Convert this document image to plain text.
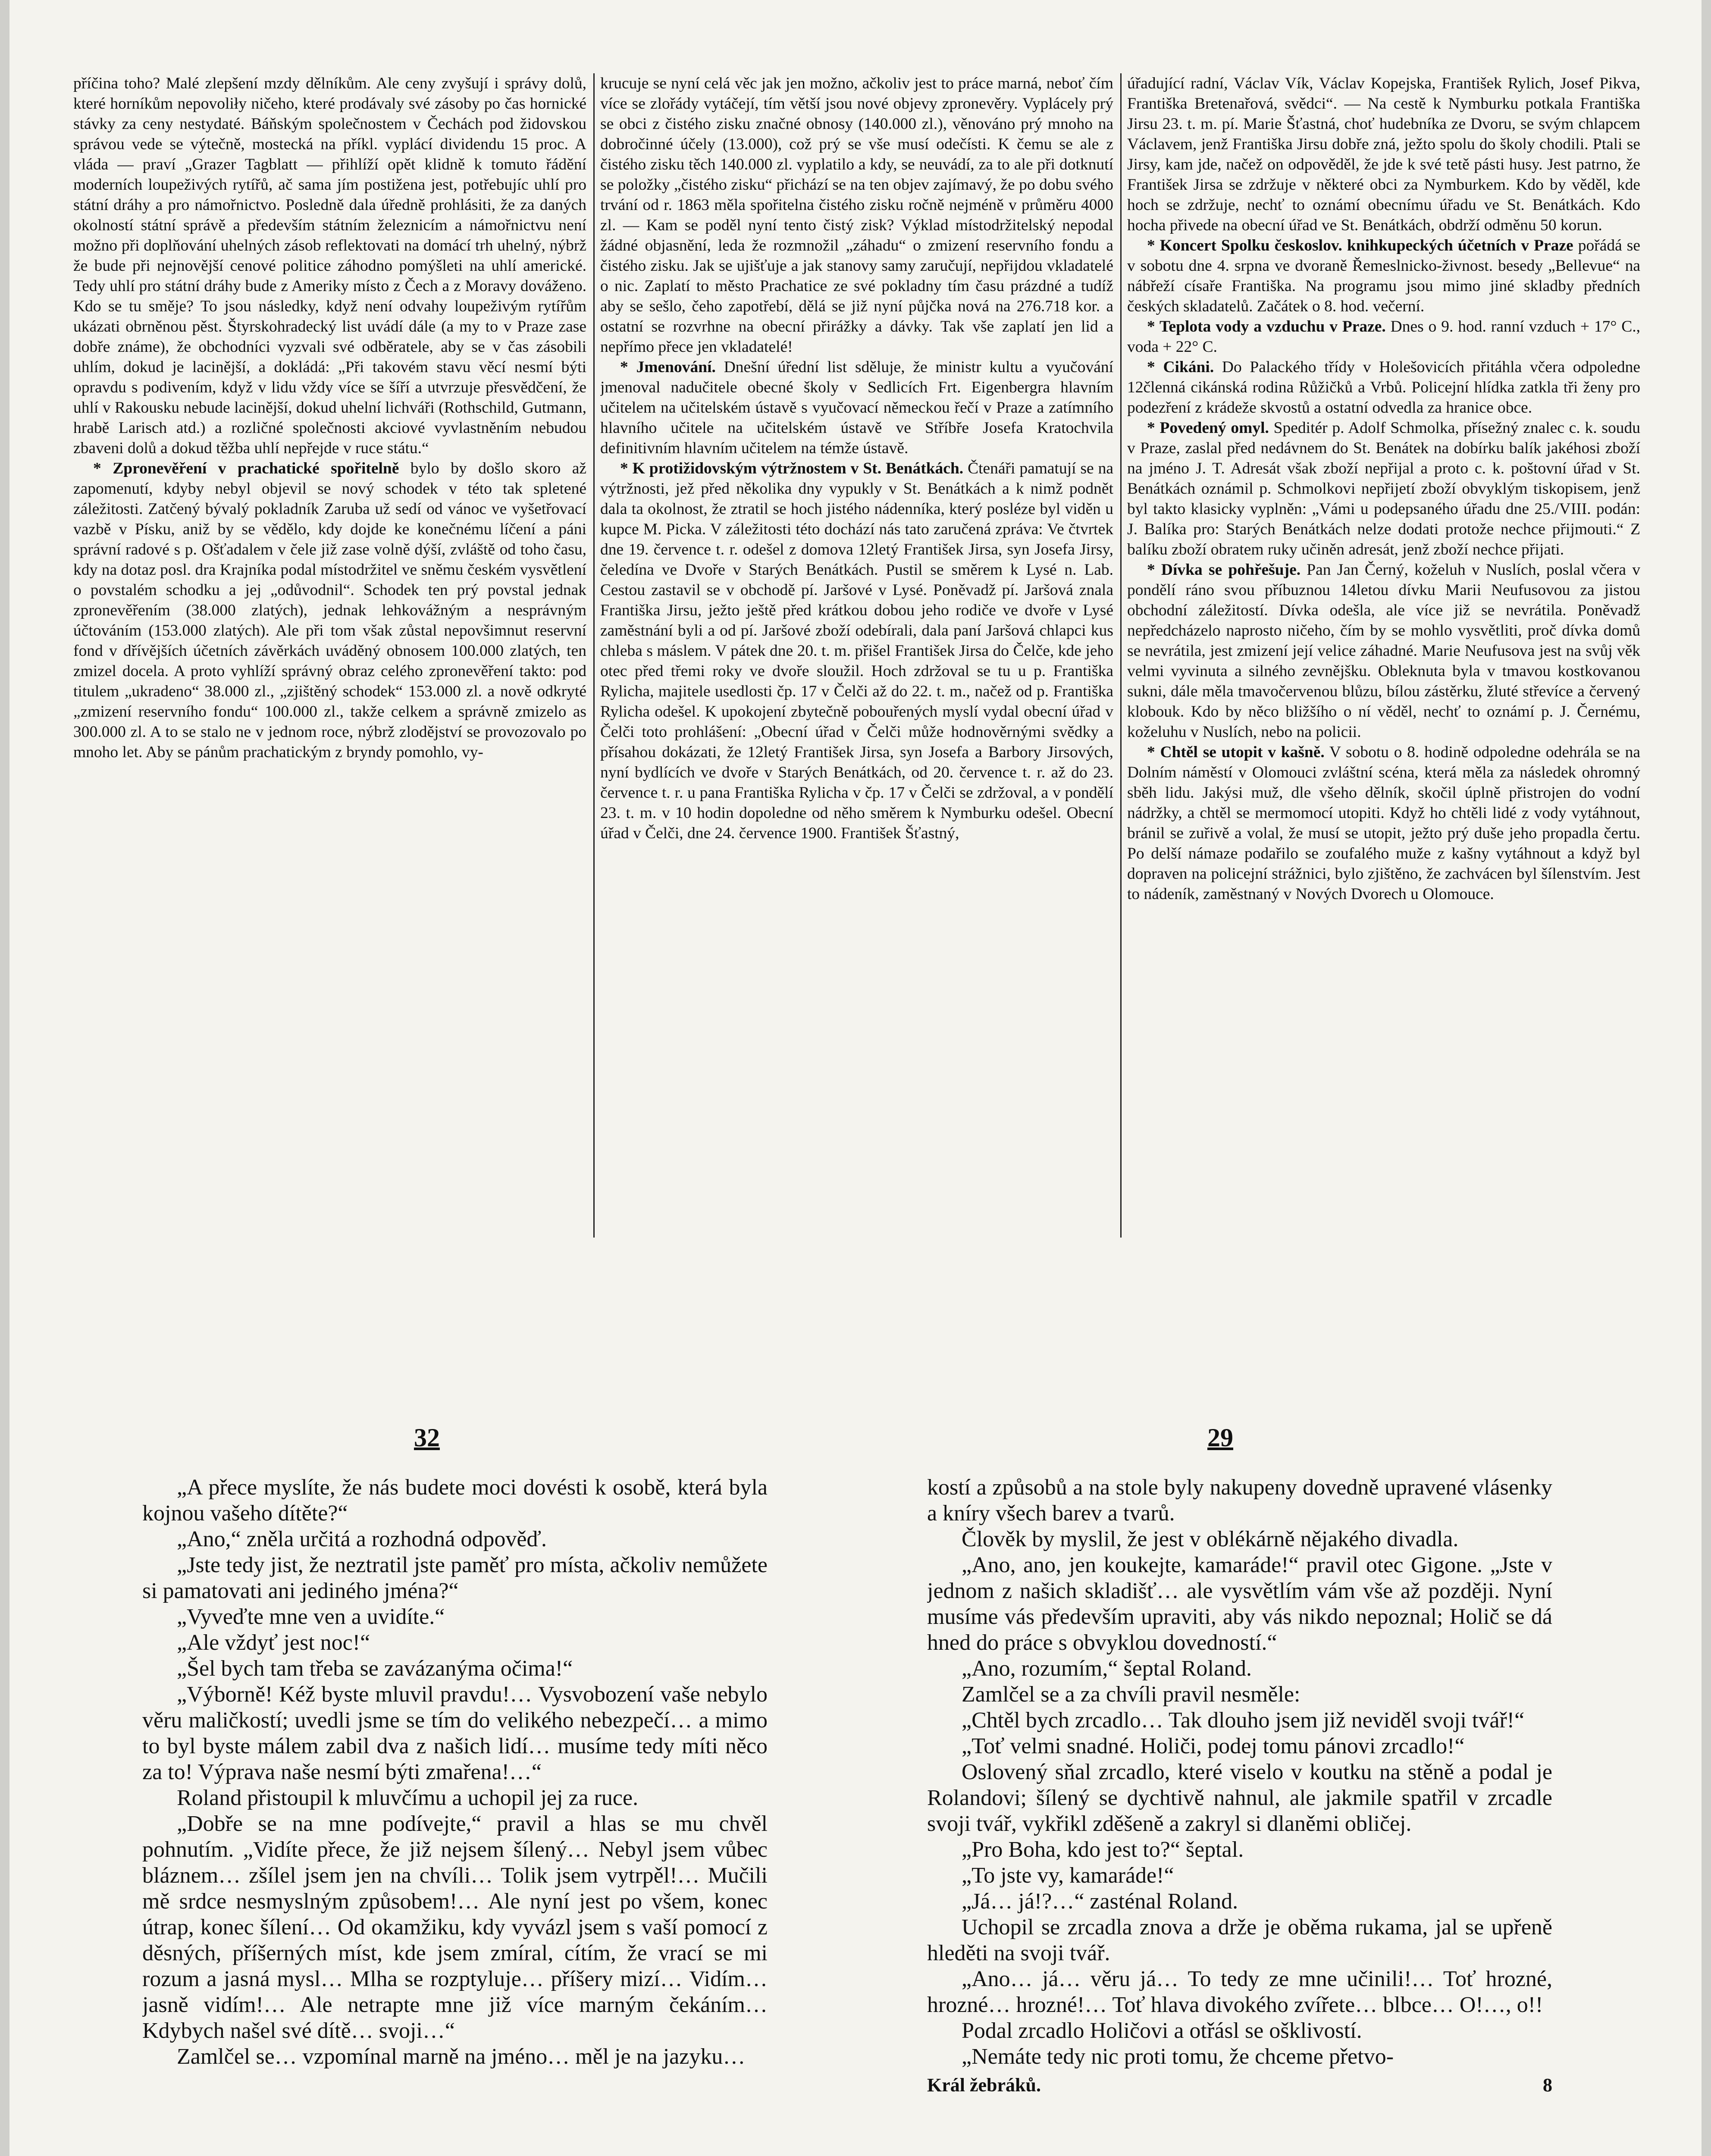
příčina toho? Malé zlepšení mzdy dělníkům. Ale ceny zvyšují i správy dolů, které horníkům nepovoliły ničeho, které prodávaly své zásoby po čas hornické stávky za ceny nestydaté. Báňským společnostem v Čechách pod židovskou správou vede se výtečně, mostecká na příkl. vyplácí dividendu 15 proc. A vláda — praví „Grazer Tagblatt — přihlíží opět klidně k tomuto řádění moderních loupeživých rytířů, ač sama jím postižena jest, potřebujíc uhlí pro státní dráhy a pro námořnictvo. Posledně dala úředně prohlásiti, že za daných okolností státní správě a především státním železnicím a námořnictvu není možno při doplňování uhelných zásob reflektovati na domácí trh uhelný, nýbrž že bude při nejnovější cenové politice záhodno pomýšleti na uhlí americké. Tedy uhlí pro státní dráhy bude z Ameriky místo z Čech a z Moravy dováženo. Kdo se tu směje? To jsou následky, když není odvahy loupeživým rytířům ukázati obrněnou pěst. Štyrskohradecký list uvádí dále (a my to v Praze zase dobře známe), že obchodníci vyzvali své odběratele, aby se v čas zásobili uhlím, dokud je lacinější, a dokládá: „Při takovém stavu věcí nesmí býti opravdu s podivením, když v lidu vždy více se šíří a utvrzuje přesvědčení, že uhlí v Rakousku nebude lacinější, dokud uhelní lichváři (Rothschild, Gutmann, hrabě Larisch atd.) a rozličné společnosti akciové vyvlastněním nebudou zbaveni dolů a dokud těžba uhlí nepřejde v ruce státu.“

* Zpronevěření v prachatické spořitelně bylo by došlo skoro až zapomenutí, kdyby nebyl objevil se nový schodek v této tak spletené záležitosti. Zatčený bývalý pokladník Zaruba už sedí od vánoc ve vyšetřovací vazbě v Písku, aniž by se vědělo, kdy dojde ke konečnému líčení a páni správní radové s p. Ošťadalem v čele již zase volně dýší, zvláště od toho času, kdy na dotaz posl. dra Krajníka podal místodržitel ve sněmu českém vysvětlení o povstalém schodku a jej „odůvodnil“. Schodek ten prý povstal jednak zpronevěřením (38.000 zlatých), jednak lehkovážným a nesprávným účtováním (153.000 zlatých). Ale při tom však zůstal nepovšimnut reservní fond v dřívějších účetních závěrkách uváděný obnosem 100.000 zlatých, ten zmizel docela. A proto vyhlíží správný obraz celého zpronevěření takto: pod titulem „ukradeno“ 38.000 zl., „zjištěný schodek“ 153.000 zl. a nově odkryté „zmizení reservního fondu“ 100.000 zl., takže celkem a správně zmizelo as 300.000 zl. A to se stalo ne v jednom roce, nýbrž zlodějství se provozovalo po mnoho let. Aby se pánům prachatickým z bryndy pomohlo, vy-

krucuje se nyní celá věc jak jen možno, ačkoliv jest to práce marná, neboť čím více se zlořády vytáčejí, tím větší jsou nové objevy zpronevěry. Vyplácely prý se obci z čistého zisku značné obnosy (140.000 zl.), věnováno prý mnoho na dobročinné účely (13.000), což prý se vše musí odečísti. K čemu se ale z čistého zisku těch 140.000 zl. vyplatilo a kdy, se neuvádí, za to ale při dotknutí se položky „čistého zisku“ přichází se na ten objev zajímavý, že po dobu svého trvání od r. 1863 měla spořitelna čistého zisku ročně nejméně v průměru 4000 zl. — Kam se poděl nyní tento čistý zisk? Výklad místodržitelský nepodal žádné objasnění, leda že rozmnožil „záhadu“ o zmizení reservního fondu a čistého zisku. Jak se ujišťuje a jak stanovy samy zaručují, nepřijdou vkladatelé o nic. Zaplatí to město Prachatice ze své pokladny tím času prázdné a tudíž aby se sešlo, čeho zapotřebí, dělá se již nyní půjčka nová na 276.718 kor. a ostatní se rozvrhne na obecní přirážky a dávky. Tak vše zaplatí jen lid a nepřímo přece jen vkladatelé!

* Jmenování. Dnešní úřední list sděluje, že ministr kultu a vyučování jmenoval nadučitele obecné školy v Sedlicích Frt. Eigenbergra hlavním učitelem na učitelském ústavě s vyučovací německou řečí v Praze a zatímního hlavního učitele na učitelském ústavě ve Stříbře Josefa Kratochvila definitivním hlavním učitelem na témže ústavě.

* K protižidovským výtržnostem v St. Benátkách. Čtenáři pamatují se na výtržnosti, jež před několika dny vypukly v St. Benátkách a k nimž podnět dala ta okolnost, že ztratil se hoch jistého nádenníka, který posléze byl viděn u kupce M. Picka. V záležitosti této dochází nás tato zaručená zpráva: Ve čtvrtek dne 19. července t. r. odešel z domova 12letý František Jirsa, syn Josefa Jirsy, čeledína ve Dvoře v Starých Benátkách. Pustil se směrem k Lysé n. Lab. Cestou zastavil se v obchodě pí. Jaršové v Lysé. Poněvadž pí. Jaršová znala Františka Jirsu, ježto ještě před krátkou dobou jeho rodiče ve dvoře v Lysé zaměstnání byli a od pí. Jaršové zboží odebírali, dala paní Jaršová chlapci kus chleba s máslem. V pátek dne 20. t. m. přišel František Jirsa do Čelče, kde jeho otec před třemi roky ve dvoře sloužil. Hoch zdržoval se tu u p. Františka Rylicha, majitele usedlosti čp. 17 v Čelči až do 22. t. m., načež od p. Františka Rylicha odešel. K upokojení zbytečně pobouřených myslí vydal obecní úřad v Čelči toto prohlášení: „Obecní úřad v Čelči může hodnověrnými svědky a přísahou dokázati, že 12letý František Jirsa, syn Josefa a Barbory Jirsových, nyní bydlících ve dvoře v Starých Benátkách, od 20. července t. r. až do 23. července t. r. u pana Františka Rylicha v čp. 17 v Čelči se zdržoval, a v pondělí 23. t. m. v 10 hodin dopoledne od něho směrem k Nymburku odešel. Obecní úřad v Čelči, dne 24. července 1900. František Šťastný,

úřadující radní, Václav Vík, Václav Kopejska, František Rylich, Josef Pikva, Františka Bretenařová, svědci“. — Na cestě k Nymburku potkala Františka Jirsu 23. t. m. pí. Marie Šťastná, choť hudebníka ze Dvoru, se svým chlapcem Václavem, jenž Františka Jirsu dobře zná, ježto spolu do školy chodili. Ptali se Jirsy, kam jde, načež on odpověděl, že jde k své tetě pásti husy. Jest patrno, že František Jirsa se zdržuje v některé obci za Nymburkem. Kdo by věděl, kde hoch se zdržuje, nechť to oznámí obecnímu úřadu ve St. Benátkách. Kdo hocha přivede na obecní úřad ve St. Benátkách, obdrží odměnu 50 korun.

* Koncert Spolku českoslov. knihkupeckých účetních v Praze pořádá se v sobotu dne 4. srpna ve dvoraně Řemeslnicko-živnost. besedy „Bellevue“ na nábřeží císaře Františka. Na programu jsou mimo jiné skladby předních českých skladatelů. Začátek o 8. hod. večerní.

* Teplota vody a vzduchu v Praze. Dnes o 9. hod. ranní vzduch + 17° C., voda + 22° C.

* Cikáni. Do Palackého třídy v Holešovicích přitáhla včera odpoledne 12členná cikánská rodina Růžičků a Vrbů. Policejní hlídka zatkla tři ženy pro podezření z krádeže skvostů a ostatní odvedla za hranice obce.

* Povedený omyl. Speditér p. Adolf Schmolka, přísežný znalec c. k. soudu v Praze, zaslal před nedávnem do St. Benátek na dobírku balík jakéhosi zboží na jméno J. T. Adresát však zboží nepřijal a proto c. k. poštovní úřad v St. Benátkách oznámil p. Schmolkovi nepřijetí zboží obvyklým tiskopisem, jenž byl takto klasicky vyplněn: „Vámi u podepsaného úřadu dne 25./VIII. podán: J. Balíka pro: Starých Benátkách nelze dodati protože nechce přijmouti.“ Z balíku zboží obratem ruky učiněn adresát, jenž zboží nechce přijati.

* Dívka se pohřešuje. Pan Jan Černý, koželuh v Nuslích, poslal včera v pondělí ráno svou příbuznou 14letou dívku Marii Neufusovou za jistou obchodní záležitostí. Dívka odešla, ale více již se nevrátila. Poněvadž nepředcházelo naprosto ničeho, čím by se mohlo vysvětliti, proč dívka domů se nevrátila, jest zmizení její velice záhadné. Marie Neufusova jest na svůj věk velmi vyvinuta a silného zevnějšku. Obleknuta byla v tmavou kostkovanou sukni, dále měla tmavočervenou blůzu, bílou zástěrku, žluté střevíce a červený klobouk. Kdo by něco bližšího o ní věděl, nechť to oznámí p. J. Černému, koželuhu v Nuslích, nebo na policii.

* Chtěl se utopit v kašně. V sobotu o 8. hodině odpoledne odehrála se na Dolním náměstí v Olomouci zvláštní scéna, která měla za následek ohromný sběh lidu. Jakýsi muž, dle všeho dělník, skočil úplně přistrojen do vodní nádržky, a chtěl se mermomocí utopiti. Když ho chtěli lidé z vody vytáhnout, bránil se zuřivě a volal, že musí se utopit, ježto prý duše jeho propadla čertu. Po delší námaze podařilo se zoufalého muže z kašny vytáhnout a když byl dopraven na policejní strážnici, bylo zjištěno, že zachvácen byl šílenstvím. Jest to nádeník, zaměstnaný v Nových Dvorech u Olomouce.

32	29

„A přece myslíte, že nás budete moci dovésti k osobě, která byla kojnou vašeho dítěte?“

„Ano,“ zněla určitá a rozhodná odpověď.

„Jste tedy jist, že neztratil jste paměť pro místa, ačkoliv nemůžete si pamatovati ani jediného jména?“

„Vyveďte mne ven a uvidíte.“

„Ale vždyť jest noc!“

„Šel bych tam třeba se zavázanýma očima!“

„Výborně! Kéž byste mluvil pravdu!… Vysvobození vaše nebylo věru maličkostí; uvedli jsme se tím do velikého nebezpečí… a mimo to byl byste málem zabil dva z našich lidí… musíme tedy míti něco za to! Výprava naše nesmí býti zmařena!…“

Roland přistoupil k mluvčímu a uchopil jej za ruce.

„Dobře se na mne podívejte,“ pravil a hlas se mu chvěl pohnutím. „Vidíte přece, že již nejsem šílený… Nebyl jsem vůbec bláznem… zšílel jsem jen na chvíli… Tolik jsem vytrpěl!… Mučili mě srdce nesmyslným způsobem!… Ale nyní jest po všem, konec útrap, konec šílení… Od okamžiku, kdy vyvázl jsem s vaší pomocí z děsných, příšerných míst, kde jsem zmíral, cítím, že vrací se mi rozum a jasná mysl… Mlha se rozptyluje… příšery mizí… Vidím… jasně vidím!… Ale netrapte mne již více marným čekáním… Kdybych našel své dítě… svoji…“

Zamlčel se… vzpomínal marně na jméno… měl je na jazyku…

kostí a způsobů a na stole byly nakupeny dovedně upravené vlásenky a kníry všech barev a tvarů.

Člověk by myslil, že jest v oblékárně nějakého divadla.

„Ano, ano, jen koukejte, kamaráde!“ pravil otec Gigone. „Jste v jednom z našich skladišť… ale vysvětlím vám vše až později. Nyní musíme vás především upraviti, aby vás nikdo nepoznal; Holič se dá hned do práce s obvyklou dovedností.“

„Ano, rozumím,“ šeptal Roland.

Zamlčel se a za chvíli pravil nesměle:

„Chtěl bych zrcadlo… Tak dlouho jsem již neviděl svoji tvář!“

„Toť velmi snadné. Holiči, podej tomu pánovi zrcadlo!“

Oslovený sňal zrcadlo, které viselo v koutku na stěně a podal je Rolandovi; šílený se dychtivě nahnul, ale jakmile spatřil v zrcadle svoji tvář, vykřikl zděšeně a zakryl si dlaněmi obličej.

„Pro Boha, kdo jest to?“ šeptal.

„To jste vy, kamaráde!“

„Já… já!?…“ zasténal Roland.

Uchopil se zrcadla znova a drže je oběma rukama, jal se upřeně hleděti na svoji tvář.

„Ano… já… věru já… To tedy ze mne učinili!… Toť hrozné, hrozné… hrozné!… Toť hlava divokého zvířete… blbce… O!…, o!!

Podal zrcadlo Holičovi a otřásl se ošklivostí.

„Nemáte tedy nic proti tomu, že chceme přetvo-

Král žebráků.	8
